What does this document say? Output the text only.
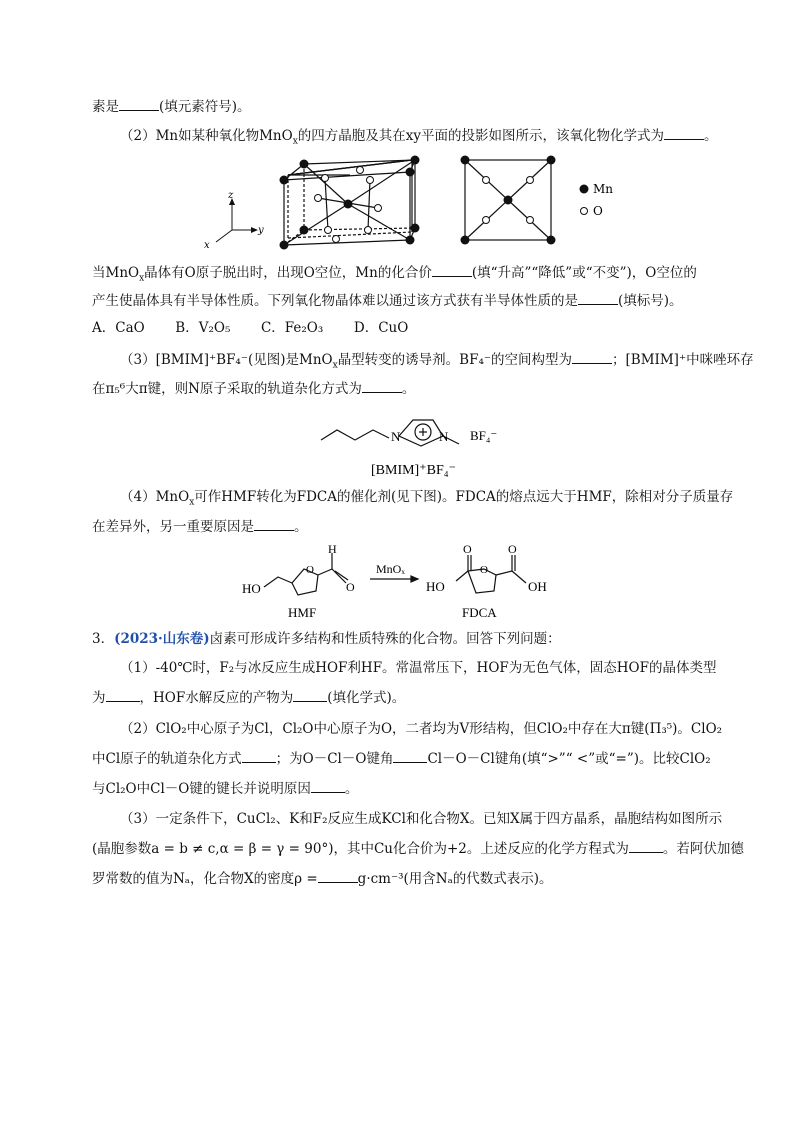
素是	(填元素符号)。
（2）Mn如某种氧化物MnO$_x$的四方晶胞及其在xy平面的投影如图所示，该氧化物化学式为	。
z
y
x
Mn
O
当MnO$_x$晶体有O原子脱出时，出现O空位，Mn的化合价	(填“升高”“降低”或“不变”)，O空位的
产生使晶体具有半导体性质。下列氧化物晶体难以通过该方式获有半导体性质的是	(填标号)。
A．CaO B．V₂O₅ C．Fe₂O₃ D．CuO
（3）[BMIM]⁺BF₄⁻(见图)是MnO$_x$晶型转变的诱导剂。BF₄⁻的空间构型为	；[BMIM]⁺中咪唑环存
在π₅⁶大π键，则N原子采取的轨道杂化方式为	。
N	N BF₄⁻
[BMIM]⁺BF₄⁻
（4）MnO$_x$可作HMF转化为FDCA的催化剂(见下图)。FDCA的熔点远大于HMF，除相对分子质量存
在差异外，另一重要原因是	。
HO
O
H
O
HMF
MnOₓ
HO
O
O
O
OH
FDCA
3．(2023·山东卷)卤素可形成许多结构和性质特殊的化合物。回答下列问题：
（1）-40℃时，F₂与冰反应生成HOF利HF。常温常压下，HOF为无色气体，固态HOF的晶体类型
为	，HOF水解反应的产物为	(填化学式)。
（2）ClO₂中心原子为Cl，Cl₂O中心原子为O，二者均为V形结构，但ClO₂中存在大π键(Π₃⁵)。ClO₂
中Cl原子的轨道杂化方式	；为O－Cl－O键角	Cl－O－Cl键角(填“>”“ <”或“=”)。比较ClO₂
与Cl₂O中Cl－O键的键长并说明原因	。
（3）一定条件下，CuCl₂、K和F₂反应生成KCl和化合物X。已知X属于四方晶系，晶胞结构如图所示
(晶胞参数a = b ≠ c,α = β = γ = 90°)，其中Cu化合价为+2。上述反应的化学方程式为	。若阿伏加德
罗常数的值为Nₐ，化合物X的密度ρ =	g·cm⁻³(用含Nₐ的代数式表示)。
